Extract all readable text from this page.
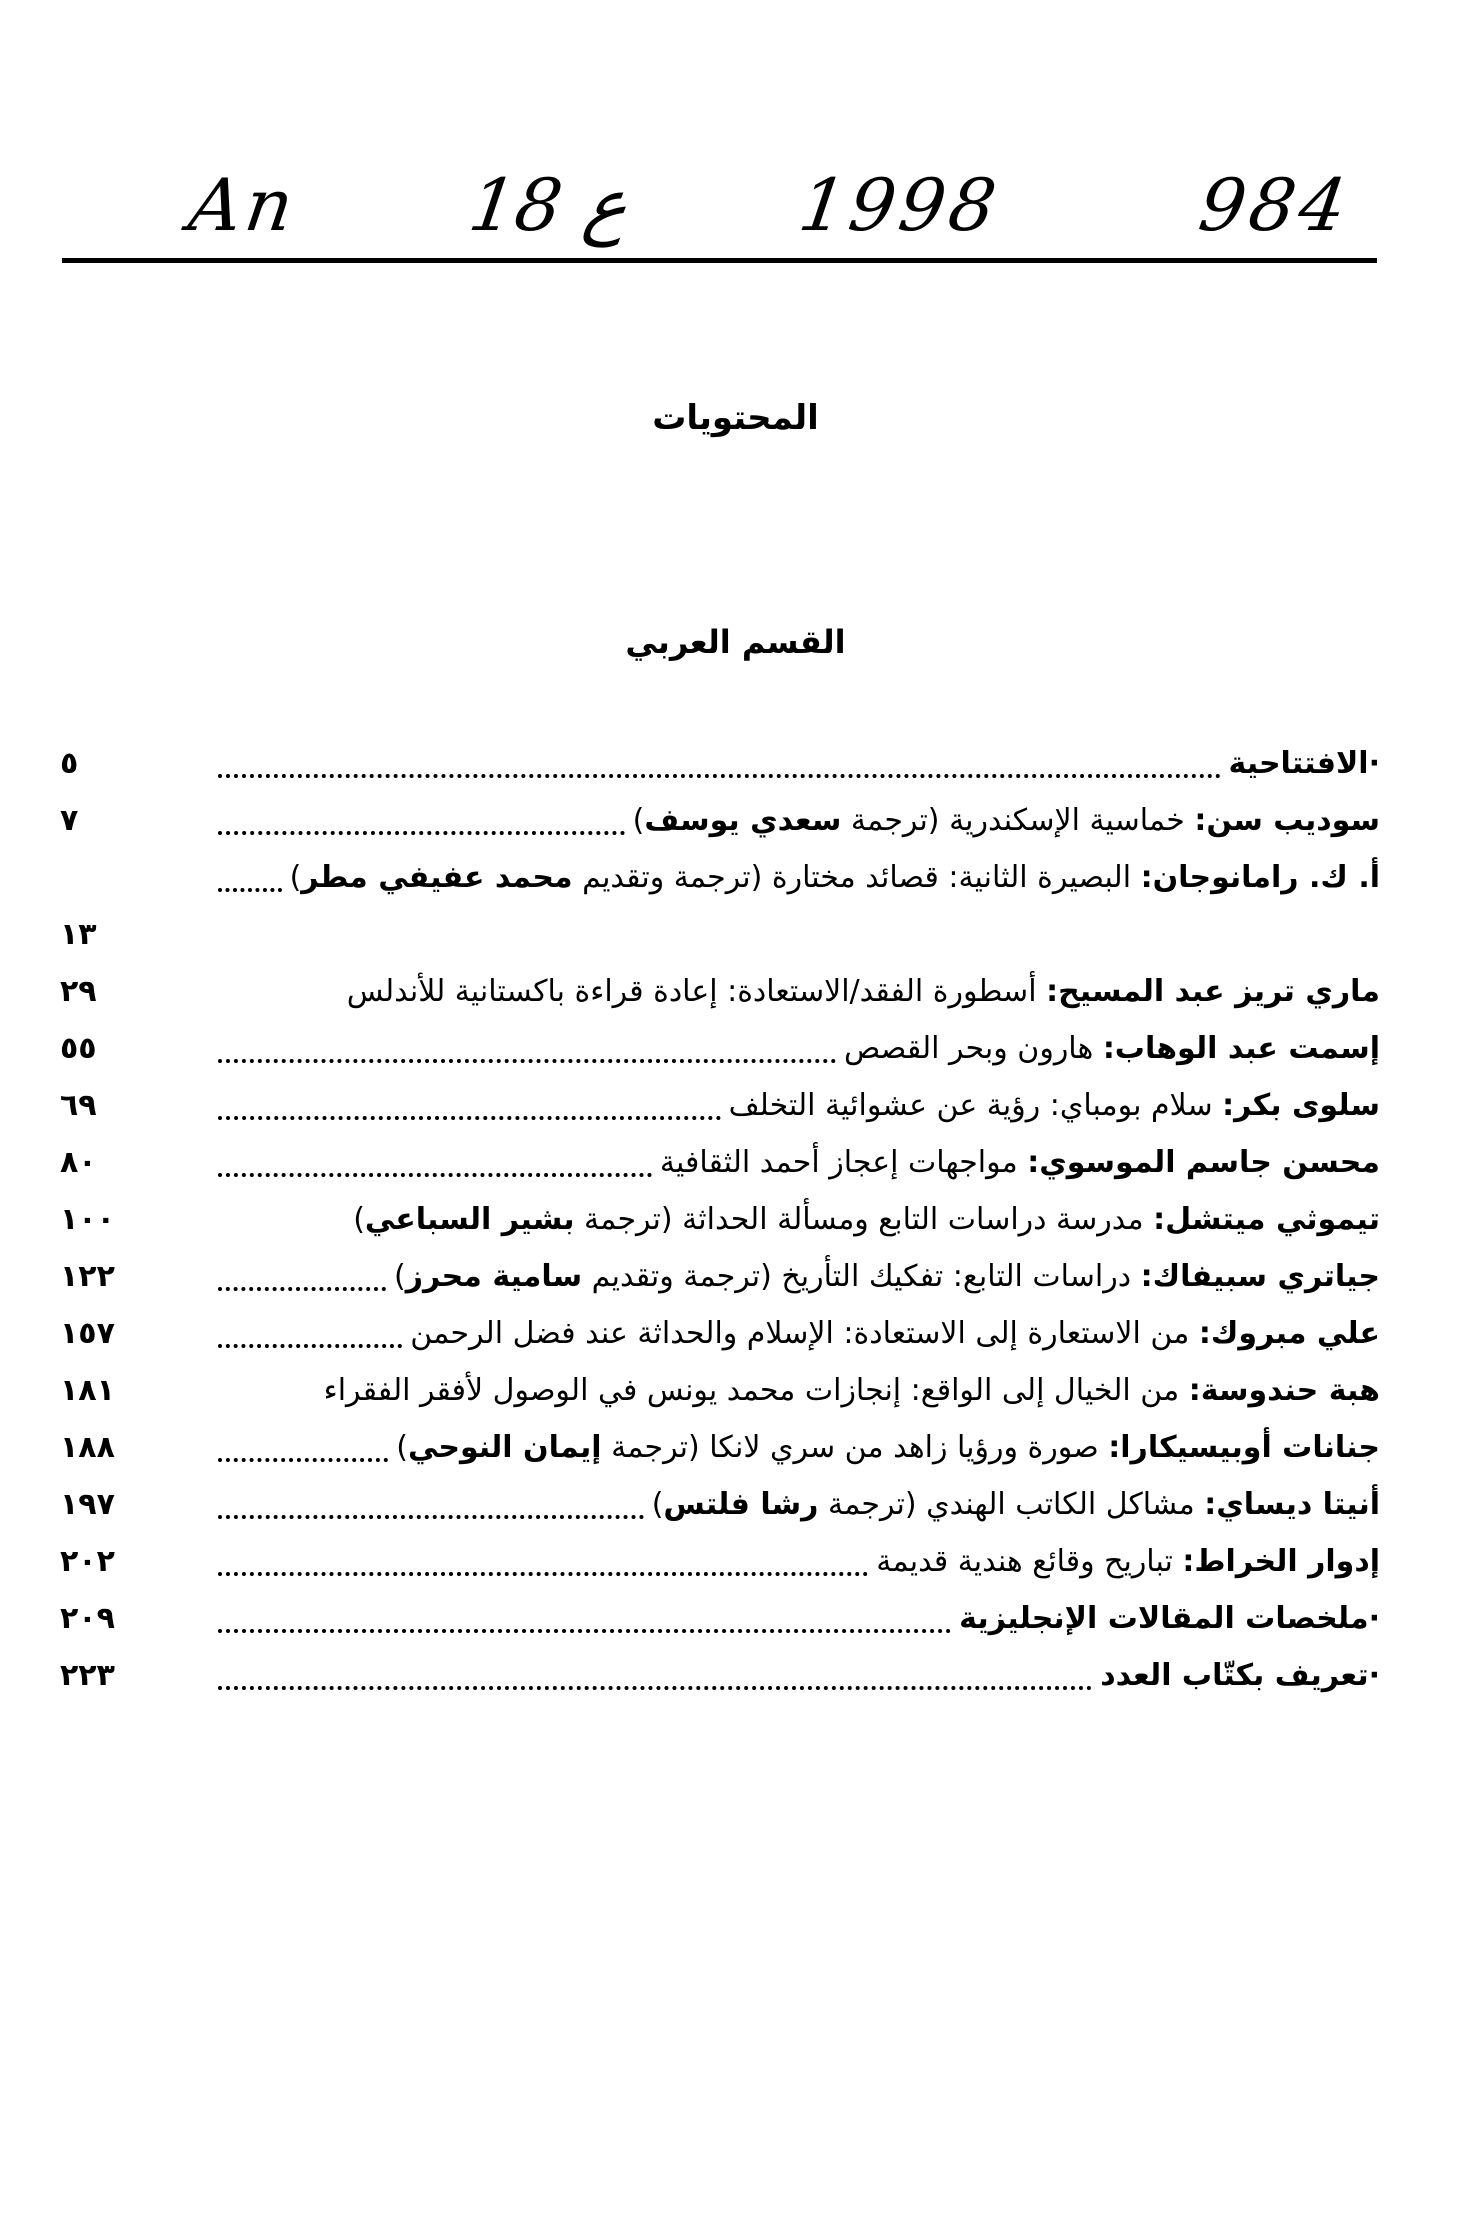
An 18 ع 1998	984
المحتويات
القسم العربي
·الافتتاحية
٥
سوديب سن: خماسية الإسكندرية (ترجمة سعدي يوسف)
٧
أ. ك. رامانوجان: البصيرة الثانية: قصائد مختارة (ترجمة وتقديم محمد عفيفي مطر)
١٣
ماري تريز عبد المسيح: أسطورة الفقد/الاستعادة: إعادة قراءة باكستانية للأندلس
٢٩
إسمت عبد الوهاب: هارون وبحر القصص
٥٥
سلوى بكر: سلام بومباي: رؤية عن عشوائية التخلف
٦٩
محسن جاسم الموسوي: مواجهات إعجاز أحمد الثقافية
٨٠
تيموثي ميتشل: مدرسة دراسات التابع ومسألة الحداثة (ترجمة بشير السباعي)
١٠٠
جياتري سبيفاك: دراسات التابع: تفكيك التأريخ (ترجمة وتقديم سامية محرز)
١٢٢
علي مبروك: من الاستعارة إلى الاستعادة: الإسلام والحداثة عند فضل الرحمن
١٥٧
هبة حندوسة: من الخيال إلى الواقع: إنجازات محمد يونس في الوصول لأفقر الفقراء
١٨١
جنانات أوبيسيكارا: صورة ورؤيا زاهد من سري لانكا (ترجمة إيمان النوحي)
١٨٨
أنيتا ديساي: مشاكل الكاتب الهندي (ترجمة رشا فلتس)
١٩٧
إدوار الخراط: تباريح وقائع هندية قديمة
٢٠٢
·ملخصات المقالات الإنجليزية
٢٠٩
·تعريف بكتّاب العدد
٢٢٣
